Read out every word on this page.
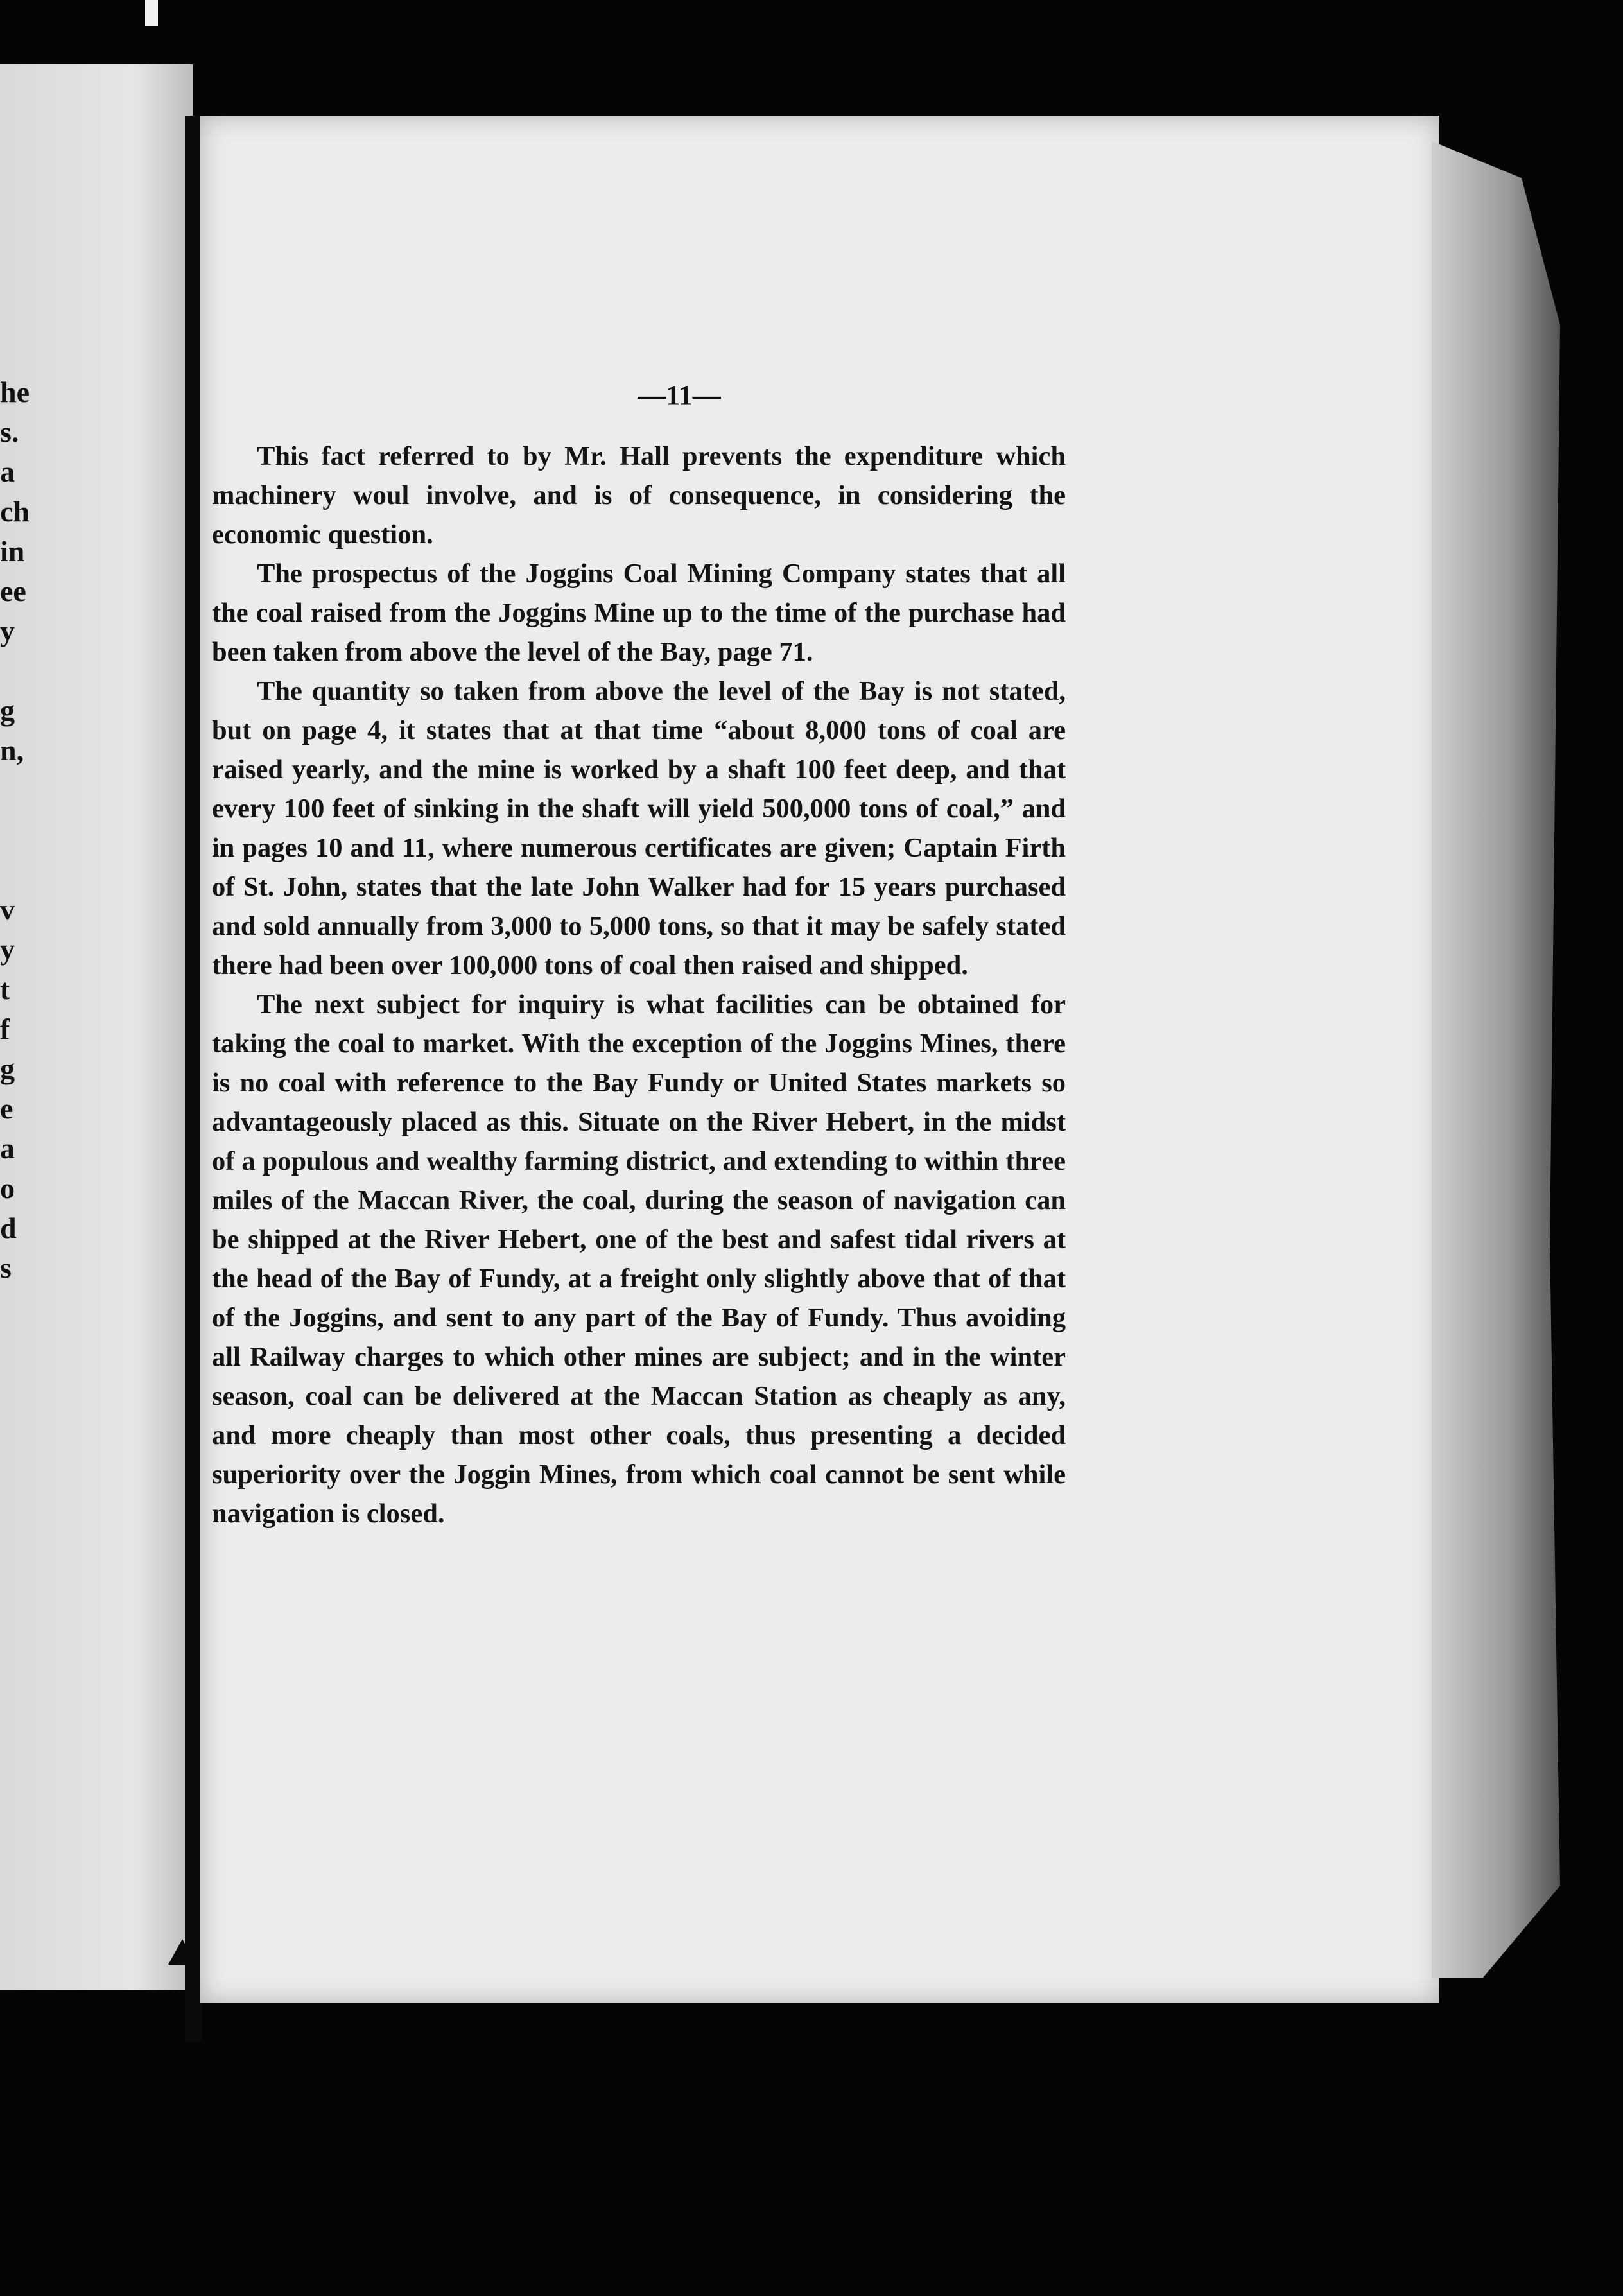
he
s.
a
ch
in
ee
y

g
n,

v
y
t
f
g
e
a
o
d
s
—11—

This fact referred to by Mr. Hall prevents the expenditure which machinery woul involve, and is of consequence, in considering the economic question.

The prospectus of the Joggins Coal Mining Company states that all the coal raised from the Joggins Mine up to the time of the purchase had been taken from above the level of the Bay, page 71.

The quantity so taken from above the level of the Bay is not stated, but on page 4, it states that at that time “about 8,000 tons of coal are raised yearly, and the mine is worked by a shaft 100 feet deep, and that every 100 feet of sinking in the shaft will yield 500,000 tons of coal,” and in pages 10 and 11, where numerous certificates are given; Captain Firth of St. John, states that the late John Walker had for 15 years purchased and sold annually from 3,000 to 5,000 tons, so that it may be safely stated there had been over 100,000 tons of coal then raised and shipped.

The next subject for inquiry is what facilities can be obtained for taking the coal to market. With the exception of the Joggins Mines, there is no coal with reference to the Bay Fundy or United States markets so advantageously placed as this. Situate on the River Hebert, in the midst of a populous and wealthy farming district, and extending to within three miles of the Maccan River, the coal, during the season of navigation can be shipped at the River Hebert, one of the best and safest tidal rivers at the head of the Bay of Fundy, at a freight only slightly above that of that of the Joggins, and sent to any part of the Bay of Fundy. Thus avoiding all Railway charges to which other mines are subject; and in the winter season, coal can be delivered at the Maccan Station as cheaply as any, and more cheaply than most other coals, thus presenting a decided superiority over the Joggin Mines, from which coal cannot be sent while navigation is closed.
